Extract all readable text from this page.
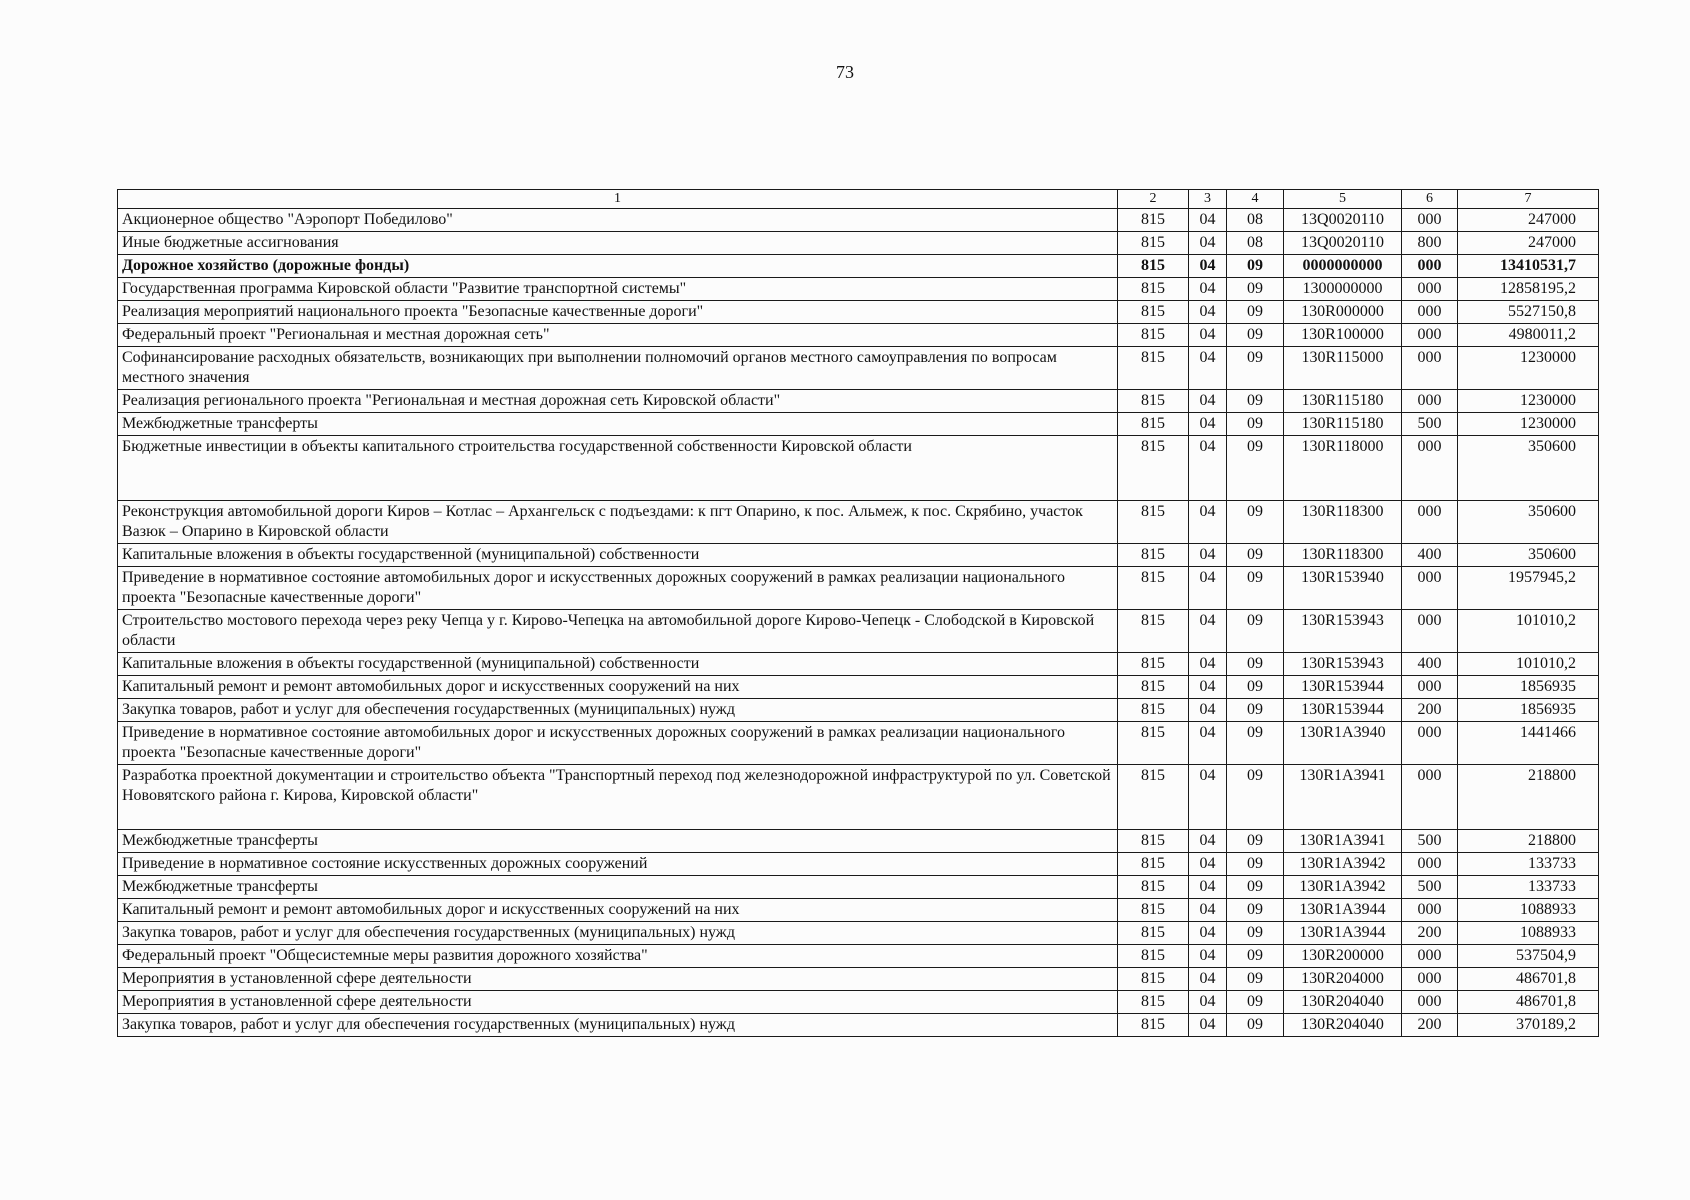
73
1	2	3	4	5	6	7
Акционерное общество "Аэропорт Победилово"	815	04	08	13Q0020110	000	247000
Иные бюджетные ассигнования	815	04	08	13Q0020110	800	247000
Дорожное хозяйство (дорожные фонды)	815	04	09	0000000000	000	13410531,7
Государственная программа Кировской области "Развитие транспортной системы"	815	04	09	1300000000	000	12858195,2
Реализация мероприятий национального проекта "Безопасные качественные дороги"	815	04	09	130R000000	000	5527150,8
Федеральный проект "Региональная и местная дорожная сеть"	815	04	09	130R100000	000	4980011,2
Софинансирование расходных обязательств, возникающих при выполнении полномочий органов местного самоуправления по вопросам местного значения	815	04	09	130R115000	000	1230000
Реализация регионального проекта "Региональная и местная дорожная сеть Кировской области"	815	04	09	130R115180	000	1230000
Межбюджетные трансферты	815	04	09	130R115180	500	1230000
Бюджетные инвестиции в объекты капитального строительства государственной собственности Кировской области	815	04	09	130R118000	000	350600
Реконструкция автомобильной дороги Киров – Котлас – Архангельск с подъездами: к пгт Опарино, к пос. Альмеж, к пос. Скрябино, участок Вазюк – Опарино в Кировской области	815	04	09	130R118300	000	350600
Капитальные вложения в объекты государственной (муниципальной) собственности	815	04	09	130R118300	400	350600
Приведение в нормативное состояние автомобильных дорог и искусственных дорожных сооружений в рамках реализации национального проекта "Безопасные качественные дороги"	815	04	09	130R153940	000	1957945,2
Строительство мостового перехода через реку Чепца у г. Кирово-Чепецка на автомобильной дороге Кирово-Чепецк - Слободской в Кировской области	815	04	09	130R153943	000	101010,2
Капитальные вложения в объекты государственной (муниципальной) собственности	815	04	09	130R153943	400	101010,2
Капитальный ремонт и ремонт автомобильных дорог и искусственных сооружений на них	815	04	09	130R153944	000	1856935
Закупка товаров, работ и услуг для обеспечения государственных (муниципальных) нужд	815	04	09	130R153944	200	1856935
Приведение в нормативное состояние автомобильных дорог и искусственных дорожных сооружений в рамках реализации национального проекта "Безопасные качественные дороги"	815	04	09	130R1A3940	000	1441466
Разработка проектной документации и строительство объекта "Транспортный переход под железнодорожной инфраструктурой по ул. Советской Нововятского района г. Кирова, Кировской области"	815	04	09	130R1A3941	000	218800
Межбюджетные трансферты	815	04	09	130R1A3941	500	218800
Приведение в нормативное состояние искусственных дорожных сооружений	815	04	09	130R1A3942	000	133733
Межбюджетные трансферты	815	04	09	130R1A3942	500	133733
Капитальный ремонт и ремонт автомобильных дорог и искусственных сооружений на них	815	04	09	130R1A3944	000	1088933
Закупка товаров, работ и услуг для обеспечения государственных (муниципальных) нужд	815	04	09	130R1A3944	200	1088933
Федеральный проект "Общесистемные меры развития дорожного хозяйства"	815	04	09	130R200000	000	537504,9
Мероприятия в установленной сфере деятельности	815	04	09	130R204000	000	486701,8
Мероприятия в установленной сфере деятельности	815	04	09	130R204040	000	486701,8
Закупка товаров, работ и услуг для обеспечения государственных (муниципальных) нужд	815	04	09	130R204040	200	370189,2
